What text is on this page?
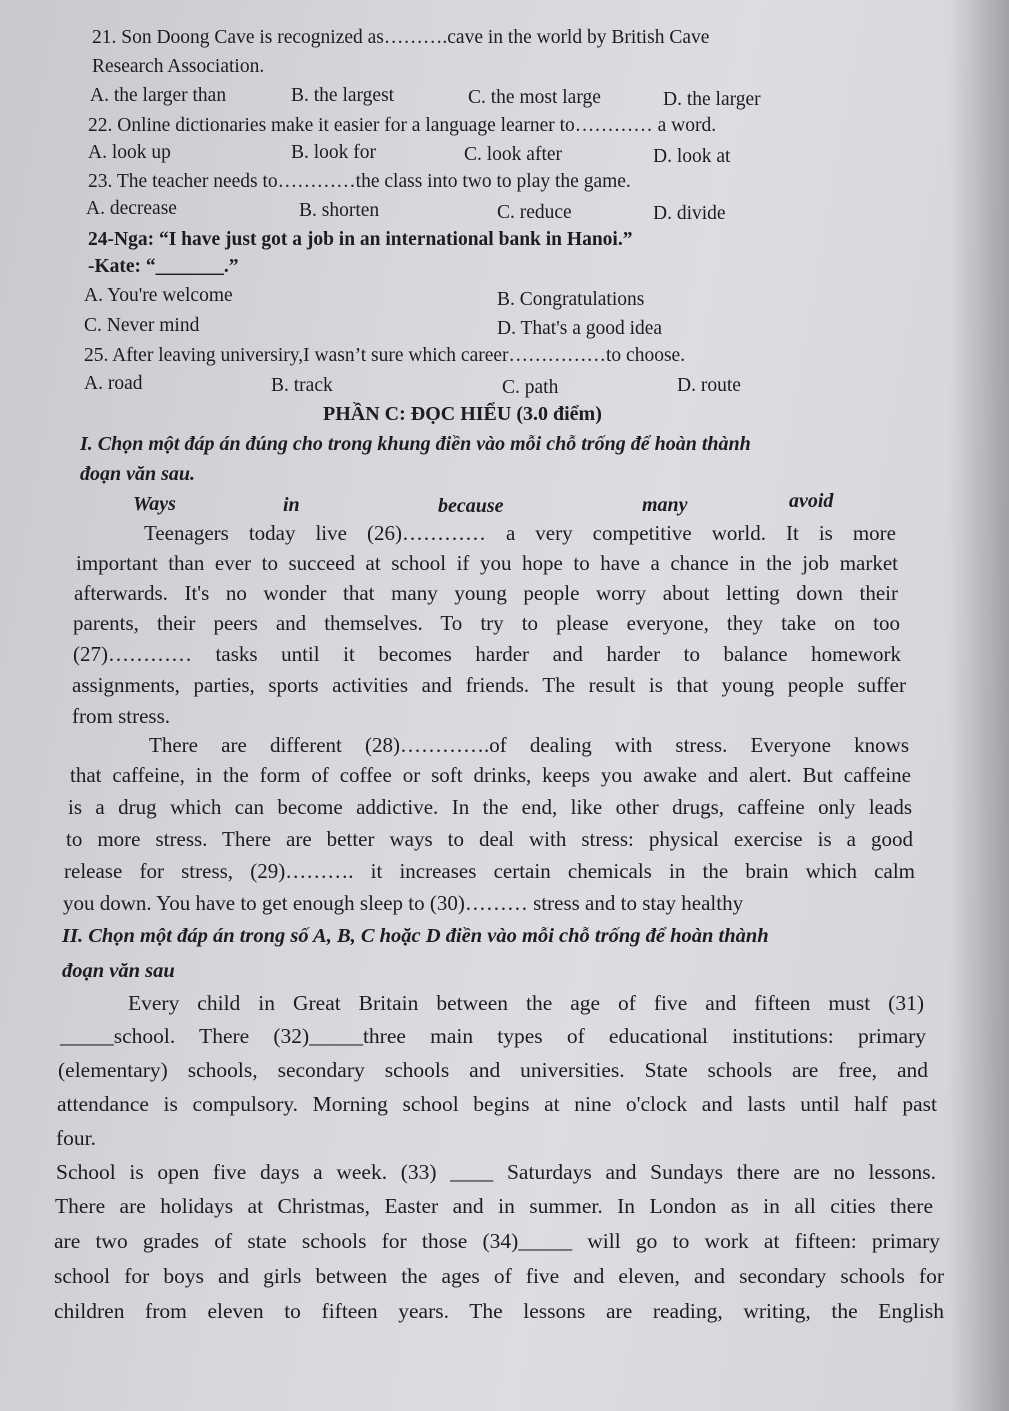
21. Son Doong Cave is recognized as……….cave in the world by British Cave
Research Association.
A. the larger than	B. the largest	C. the most large	D. the larger
22. Online dictionaries make it easier for a language learner to………… a word.
A. look up	B. look for	C. look after	D. look at
23. The teacher needs to…………the class into two to play the game.
A. decrease	B. shorten	C. reduce	D. divide
24-Nga: “I have just got a job in an international bank in Hanoi.”
-Kate: “_______.”
A. You're welcome	B. Congratulations
C. Never mind	D. That's a good idea
25. After leaving universiry,I wasn’t sure which career……………to choose.
A. road	B. track	C. path	D. route
PHẦN C: ĐỌC HIỂU (3.0 điểm)
I. Chọn một đáp án đúng cho trong khung điền vào mỗi chỗ trống để hoàn thành
đoạn văn sau.
Ways	in	because	many	avoid
Teenagers today live (26)………… a very competitive world. It is more
important than ever to succeed at school if you hope to have a chance in the job market
afterwards. It's no wonder that many young people worry about letting down their
parents, their peers and themselves. To try to please everyone, they take on too
(27)………… tasks until it becomes harder and harder to balance homework
assignments, parties, sports activities and friends. The result is that young people suffer
from stress.
There are different (28)………….of dealing with stress. Everyone knows
that caffeine, in the form of coffee or soft drinks, keeps you awake and alert. But caffeine
is a drug which can become addictive. In the end, like other drugs, caffeine only leads
to more stress. There are better ways to deal with stress: physical exercise is a good
release for stress, (29)………. it increases certain chemicals in the brain which calm
you down. You have to get enough sleep to (30)……… stress and to stay healthy
II. Chọn một đáp án trong số A, B, C hoặc D điền vào mỗi chỗ trống để hoàn thành
đoạn văn sau
Every child in Great Britain between the age of five and fifteen must (31)
_____school. There (32)_____three main types of educational institutions: primary
(elementary) schools, secondary schools and universities. State schools are free, and
attendance is compulsory. Morning school begins at nine o'clock and lasts until half past
four.
School is open five days a week. (33) ____ Saturdays and Sundays there are no lessons.
There are holidays at Christmas, Easter and in summer. In London as in all cities there
are two grades of state schools for those (34)_____ will go to work at fifteen: primary
school for boys and girls between the ages of five and eleven, and secondary schools for
children from eleven to fifteen years. The lessons are reading, writing, the English
